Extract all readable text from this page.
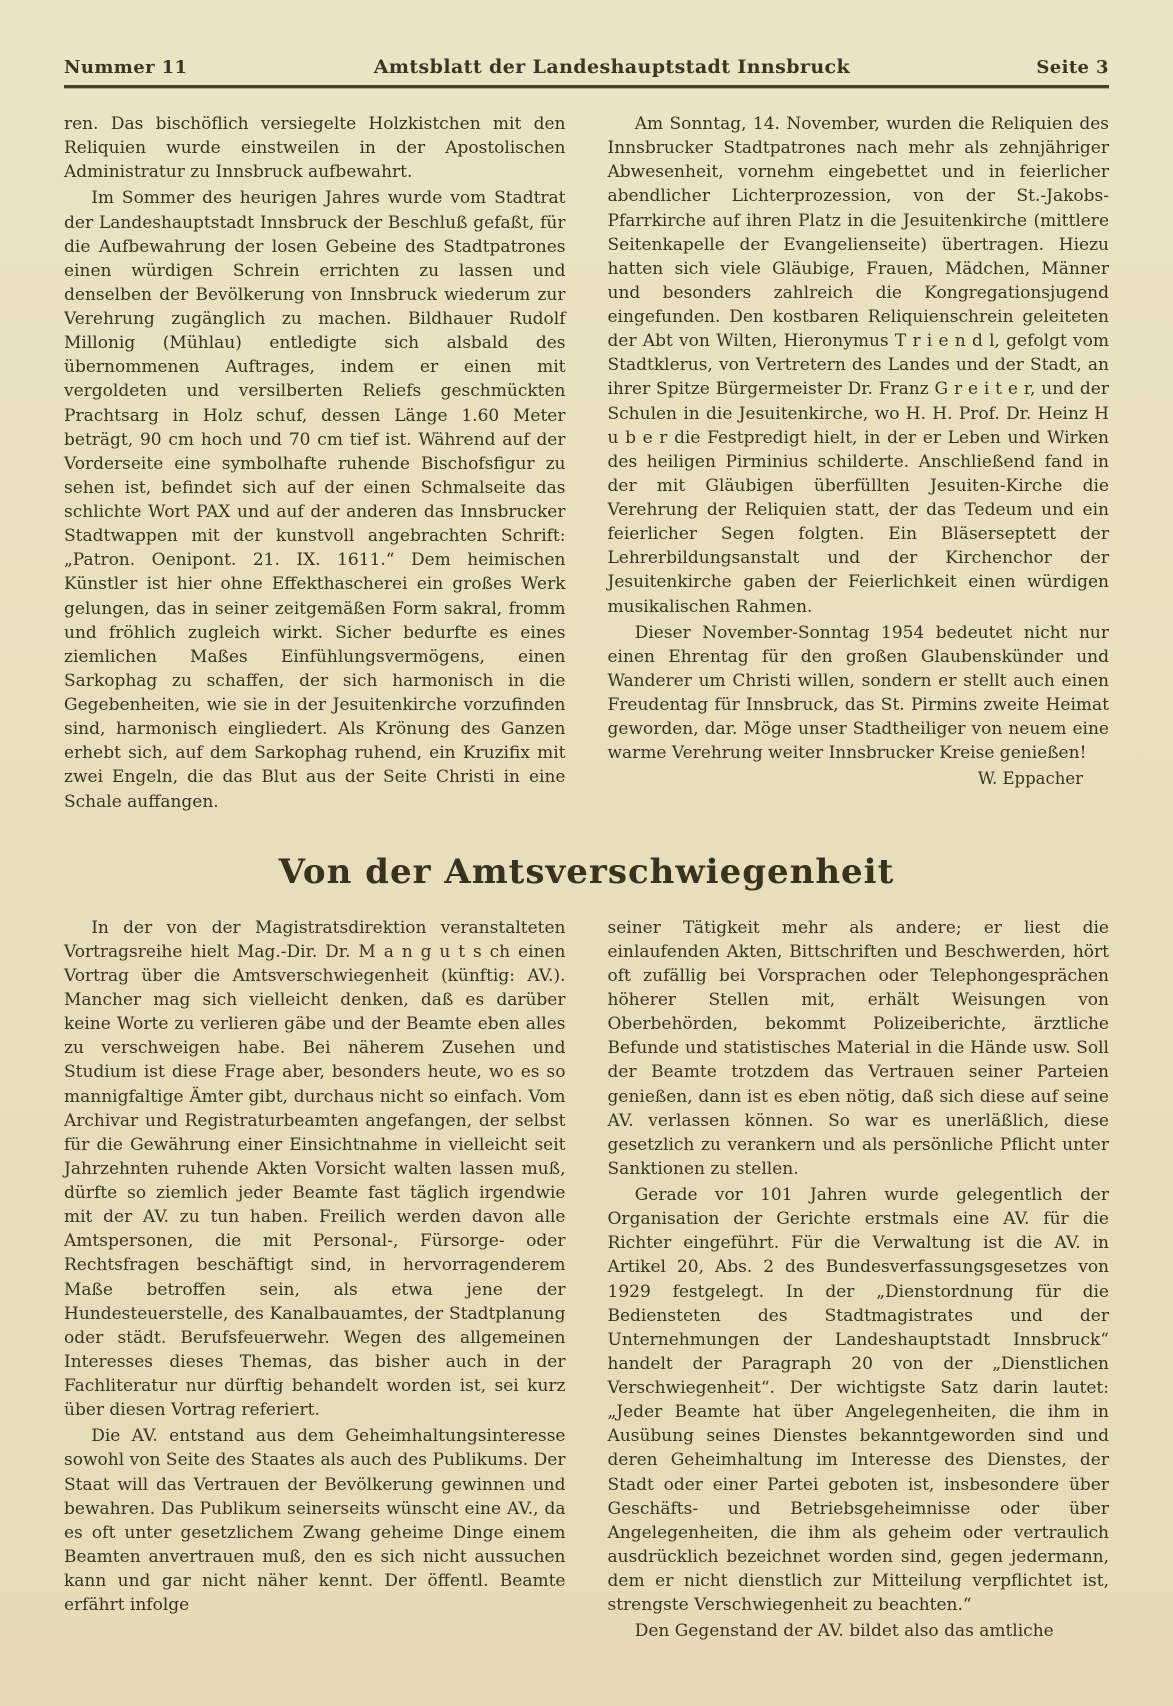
Nummer 11	Amtsblatt der Landeshauptstadt Innsbruck	Seite 3

ren. Das bischöflich versiegelte Holzkistchen mit den Reliquien wurde einstweilen in der Apostolischen Administratur zu Innsbruck aufbewahrt.

Im Sommer des heurigen Jahres wurde vom Stadtrat der Landeshauptstadt Innsbruck der Beschluß gefaßt, für die Aufbewahrung der losen Gebeine des Stadtpatrones einen würdigen Schrein errichten zu lassen und denselben der Bevölkerung von Innsbruck wiederum zur Verehrung zugänglich zu machen. Bildhauer Rudolf Millonig (Mühlau) entledigte sich alsbald des übernommenen Auftrages, indem er einen mit vergoldeten und versilberten Reliefs geschmückten Prachtsarg in Holz schuf, dessen Länge 1.60 Meter beträgt, 90 cm hoch und 70 cm tief ist. Während auf der Vorderseite eine symbolhafte ruhende Bischofsfigur zu sehen ist, befindet sich auf der einen Schmalseite das schlichte Wort PAX und auf der anderen das Innsbrucker Stadtwappen mit der kunstvoll angebrachten Schrift: „Patron. Oenipont. 21. IX. 1611.“ Dem heimischen Künstler ist hier ohne Effekthascherei ein großes Werk gelungen, das in seiner zeitgemäßen Form sakral, fromm und fröhlich zugleich wirkt. Sicher bedurfte es eines ziemlichen Maßes Einfühlungsvermögens, einen Sarkophag zu schaffen, der sich harmonisch in die Gegebenheiten, wie sie in der Jesuitenkirche vorzufinden sind, harmonisch eingliedert. Als Krönung des Ganzen erhebt sich, auf dem Sarkophag ruhend, ein Kruzifix mit zwei Engeln, die das Blut aus der Seite Christi in eine Schale auffangen.

Am Sonntag, 14. November, wurden die Reliquien des Innsbrucker Stadtpatrones nach mehr als zehnjähriger Abwesenheit, vornehm eingebettet und in feierlicher abendlicher Lichterprozession, von der St.-Jakobs-Pfarrkirche auf ihren Platz in die Jesuitenkirche (mittlere Seitenkapelle der Evangelienseite) übertragen. Hiezu hatten sich viele Gläubige, Frauen, Mädchen, Männer und besonders zahlreich die Kongregationsjugend eingefunden. Den kostbaren Reliquienschrein geleiteten der Abt von Wilten, Hieronymus T r i e n d l, gefolgt vom Stadtklerus, von Vertretern des Landes und der Stadt, an ihrer Spitze Bürgermeister Dr. Franz G r e i t e r, und der Schulen in die Jesuitenkirche, wo H. H. Prof. Dr. Heinz H u b e r die Festpredigt hielt, in der er Leben und Wirken des heiligen Pirminius schilderte. Anschließend fand in der mit Gläubigen überfüllten Jesuiten-Kirche die Verehrung der Reliquien statt, der das Tedeum und ein feierlicher Segen folgten. Ein Bläserseptett der Lehrerbildungsanstalt und der Kirchenchor der Jesuitenkirche gaben der Feierlichkeit einen würdigen musikalischen Rahmen.

Dieser November-Sonntag 1954 bedeutet nicht nur einen Ehrentag für den großen Glaubenskünder und Wanderer um Christi willen, sondern er stellt auch einen Freudentag für Innsbruck, das St. Pirmins zweite Heimat geworden, dar. Möge unser Stadtheiliger von neuem eine warme Verehrung weiter Innsbrucker Kreise genießen!

W. Eppacher

Von der Amtsverschwiegenheit

In der von der Magistratsdirektion veranstalteten Vortragsreihe hielt Mag.-Dir. Dr. M a n g u t s ch einen Vortrag über die Amtsverschwiegenheit (künftig: AV.). Mancher mag sich vielleicht denken, daß es darüber keine Worte zu verlieren gäbe und der Beamte eben alles zu verschweigen habe. Bei näherem Zusehen und Studium ist diese Frage aber, besonders heute, wo es so mannigfaltige Ämter gibt, durchaus nicht so einfach. Vom Archivar und Registraturbeamten angefangen, der selbst für die Gewährung einer Einsichtnahme in vielleicht seit Jahrzehnten ruhende Akten Vorsicht walten lassen muß, dürfte so ziemlich jeder Beamte fast täglich irgendwie mit der AV. zu tun haben. Freilich werden davon alle Amtspersonen, die mit Personal-, Fürsorge- oder Rechtsfragen beschäftigt sind, in hervorragenderem Maße betroffen sein, als etwa jene der Hundesteuerstelle, des Kanalbauamtes, der Stadtplanung oder städt. Berufsfeuerwehr. Wegen des allgemeinen Interesses dieses Themas, das bisher auch in der Fachliteratur nur dürftig behandelt worden ist, sei kurz über diesen Vortrag referiert.

Die AV. entstand aus dem Geheimhaltungsinteresse sowohl von Seite des Staates als auch des Publikums. Der Staat will das Vertrauen der Bevölkerung gewinnen und bewahren. Das Publikum seinerseits wünscht eine AV., da es oft unter gesetzlichem Zwang geheime Dinge einem Beamten anvertrauen muß, den es sich nicht aussuchen kann und gar nicht näher kennt. Der öffentl. Beamte erfährt infolge

seiner Tätigkeit mehr als andere; er liest die einlaufenden Akten, Bittschriften und Beschwerden, hört oft zufällig bei Vorsprachen oder Telephongesprächen höherer Stellen mit, erhält Weisungen von Oberbehörden, bekommt Polizeiberichte, ärztliche Befunde und statistisches Material in die Hände usw. Soll der Beamte trotzdem das Vertrauen seiner Parteien genießen, dann ist es eben nötig, daß sich diese auf seine AV. verlassen können. So war es unerläßlich, diese gesetzlich zu verankern und als persönliche Pflicht unter Sanktionen zu stellen.

Gerade vor 101 Jahren wurde gelegentlich der Organisation der Gerichte erstmals eine AV. für die Richter eingeführt. Für die Verwaltung ist die AV. in Artikel 20, Abs. 2 des Bundesverfassungsgesetzes von 1929 festgelegt. In der „Dienstordnung für die Bediensteten des Stadtmagistrates und der Unternehmungen der Landeshauptstadt Innsbruck“ handelt der Paragraph 20 von der „Dienstlichen Verschwiegenheit“. Der wichtigste Satz darin lautet: „Jeder Beamte hat über Angelegenheiten, die ihm in Ausübung seines Dienstes bekanntgeworden sind und deren Geheimhaltung im Interesse des Dienstes, der Stadt oder einer Partei geboten ist, insbesondere über Geschäfts- und Betriebsgeheimnisse oder über Angelegenheiten, die ihm als geheim oder vertraulich ausdrücklich bezeichnet worden sind, gegen jedermann, dem er nicht dienstlich zur Mitteilung verpflichtet ist, strengste Verschwiegenheit zu beachten.“

Den Gegenstand der AV. bildet also das amtliche
